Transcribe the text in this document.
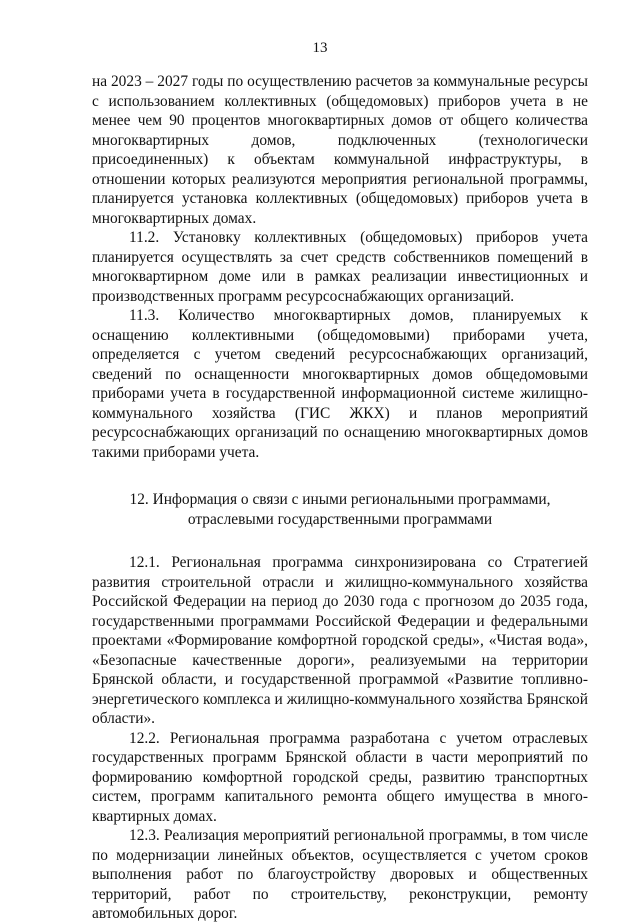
13

на 2023 – 2027 годы по осуществлению расчетов за коммунальные ресурсы с использованием коллективных (общедомовых) приборов учета в не менее чем 90 процентов многоквартирных домов от общего количества многоквартирных домов, подключенных (технологически присоединенных) к объектам коммунальной инфраструктуры, в отношении которых реализуются мероприятия региональной программы, планируется установка коллективных (общедомовых) приборов учета в многоквартирных домах.

11.2. Установку коллективных (общедомовых) приборов учета планируется осуществлять за счет средств собственников помещений в многоквартирном доме или в рамках реализации инвестиционных и производственных программ ресурсоснабжающих организаций.

11.3. Количество многоквартирных домов, планируемых к оснащению коллективными (общедомовыми) приборами учета, определяется с учетом сведений ресурсоснабжающих организаций, сведений по оснащенности многоквартирных домов общедомовыми приборами учета в государственной информационной системе жилищно-коммунального хозяйства (ГИС ЖКХ) и планов мероприятий ресурсоснабжающих организаций по оснащению многоквартирных домов такими приборами учета.

12. Информация о связи с иными региональными программами,
отраслевыми государственными программами

12.1. Региональная программа синхронизирована со Стратегией развития строительной отрасли и жилищно-коммунального хозяйства Российской Федерации на период до 2030 года с прогнозом до 2035 года, государственными программами Российской Федерации и федеральными проектами «Формирование комфортной городской среды», «Чистая вода», «Безопасные качественные дороги», реализуемыми на территории Брянской области, и государственной программой «Развитие топливно-энергетического комплекса и жилищно-коммунального хозяйства Брянской области».

12.2. Региональная программа разработана с учетом отраслевых государственных программ Брянской области в части мероприятий по формированию комфортной городской среды, развитию транспортных систем, программ капитального ремонта общего имущества в многоквартирных домах.

12.3. Реализация мероприятий региональной программы, в том числе по модернизации линейных объектов, осуществляется с учетом сроков выполнения работ по благоустройству дворовых и общественных территорий, работ по строительству, реконструкции, ремонту автомобильных дорог.
